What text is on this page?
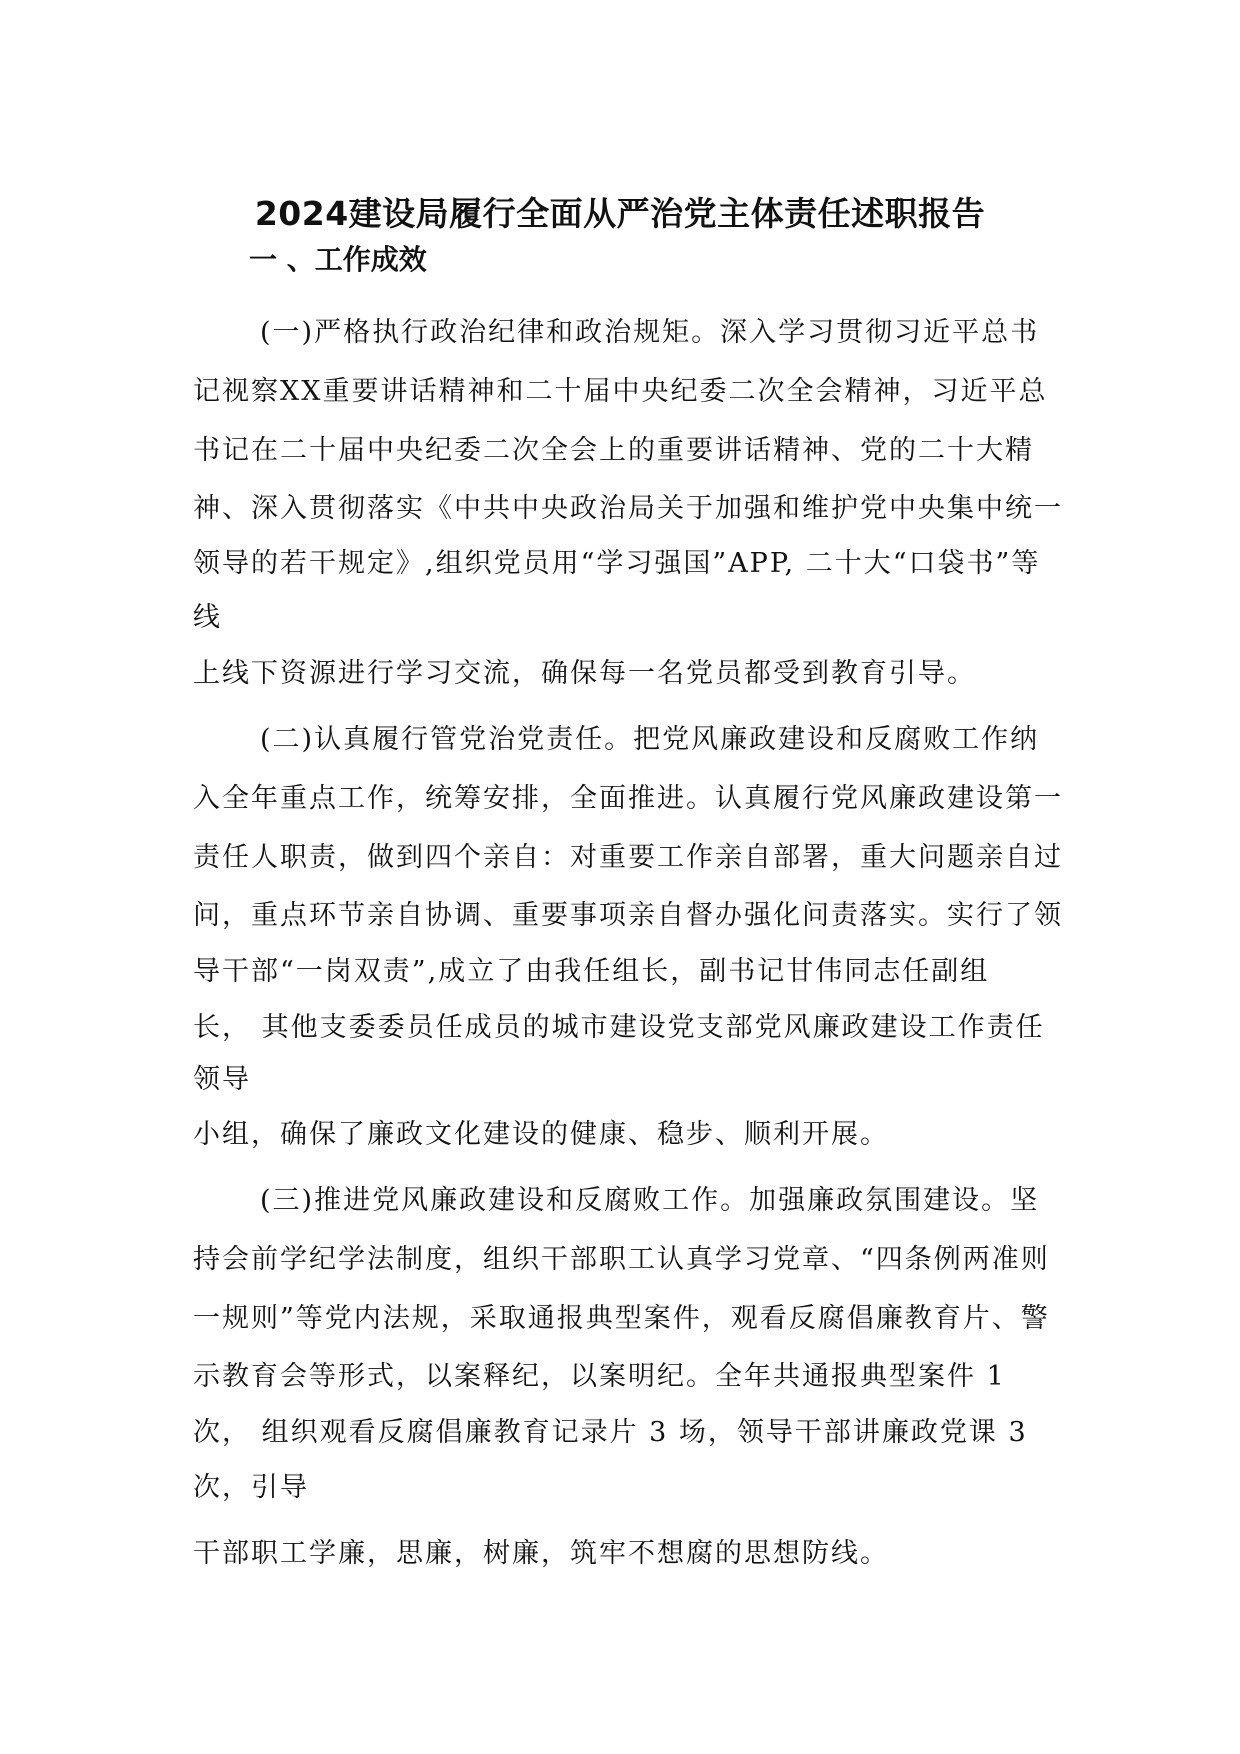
2024建设局履行全面从严治党主体责任述职报告
一 、工作成效
(一)严格执行政治纪律和政治规矩。深入学习贯彻习近平总书
记视察XX重要讲话精神和二十届中央纪委二次全会精神，习近平总
书记在二十届中央纪委二次全会上的重要讲话精神、党的二十大精
神、深入贯彻落实《中共中央政治局关于加强和维护党中央集中统一
领导的若干规定》,组织党员用“学习强国”APP, 二十大“口袋书”等
线
上线下资源进行学习交流，确保每一名党员都受到教育引导。
(二)认真履行管党治党责任。把党风廉政建设和反腐败工作纳
入全年重点工作，统筹安排，全面推进。认真履行党风廉政建设第一
责任人职责，做到四个亲自：对重要工作亲自部署，重大问题亲自过
问，重点环节亲自协调、重要事项亲自督办强化问责落实。实行了领
导干部“一岗双责”,成立了由我任组长，副书记甘伟同志任副组
长， 其他支委委员任成员的城市建设党支部党风廉政建设工作责任
领导
小组，确保了廉政文化建设的健康、稳步、顺利开展。
(三)推进党风廉政建设和反腐败工作。加强廉政氛围建设。坚
持会前学纪学法制度，组织干部职工认真学习党章、“四条例两准则
一规则”等党内法规，采取通报典型案件，观看反腐倡廉教育片、警
示教育会等形式，以案释纪，以案明纪。全年共通报典型案件 1
次， 组织观看反腐倡廉教育记录片 3 场，领导干部讲廉政党课 3
次，引导
干部职工学廉，思廉，树廉，筑牢不想腐的思想防线。
